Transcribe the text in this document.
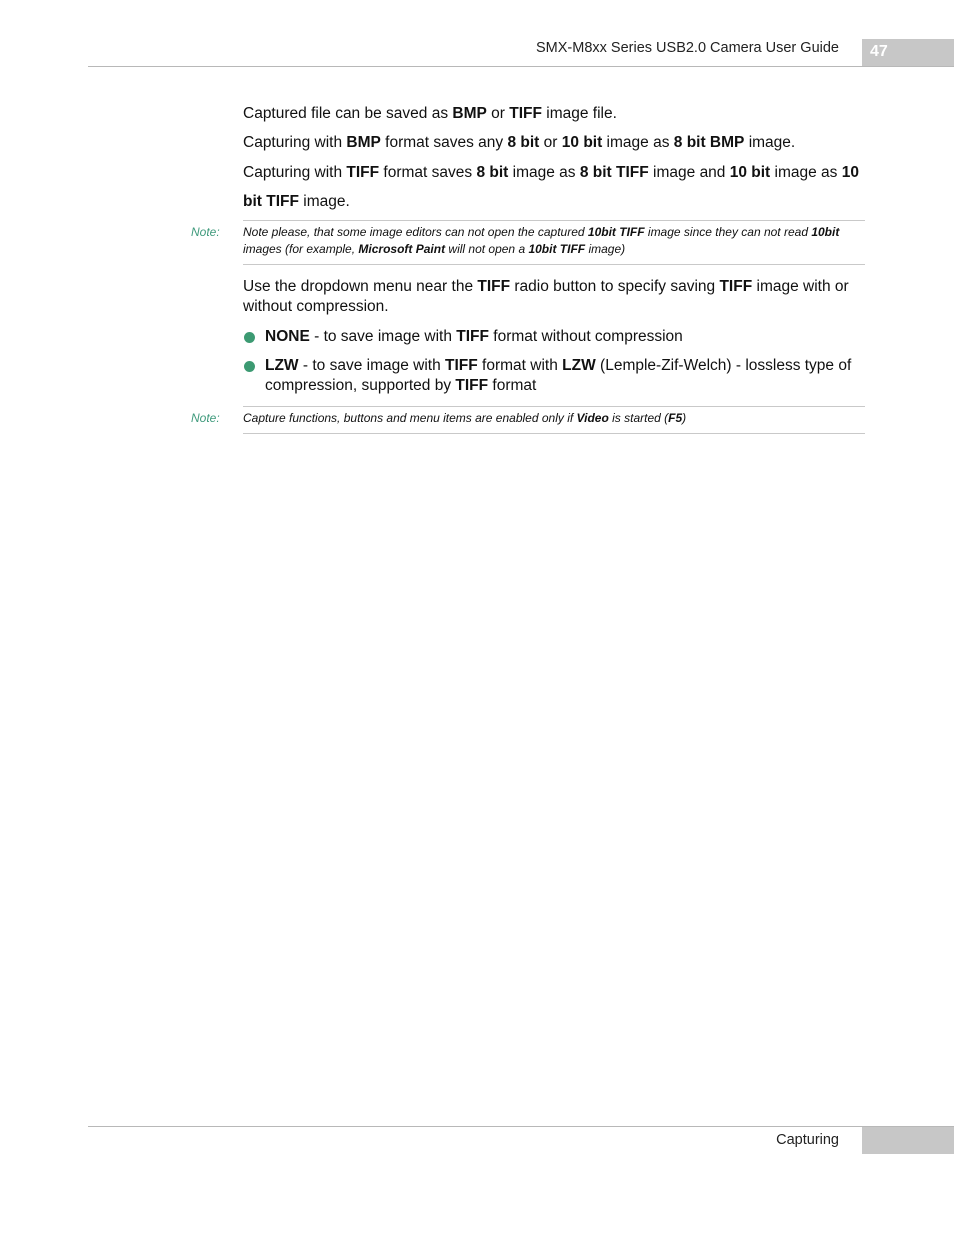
SMX-M8xx Series USB2.0 Camera User Guide 47

Captured file can be saved as BMP or TIFF image file.

Capturing with BMP format saves any 8 bit or 10 bit image as 8 bit BMP image.

Capturing with TIFF format saves 8 bit image as 8 bit TIFF image and 10 bit image as 10 bit TIFF image.

Note: Note please, that some image editors can not open the captured 10bit TIFF image since they can not read 10bit images (for example, Microsoft Paint will not open a 10bit TIFF image)

Use the dropdown menu near the TIFF radio button to specify saving TIFF image with or without compression.

NONE - to save image with TIFF format without compression
LZW - to save image with TIFF format with LZW (Lemple-Zif-Welch) - lossless type of compression, supported by TIFF format
Note: Capture functions, buttons and menu items are enabled only if Video is started (F5)
Capturing
